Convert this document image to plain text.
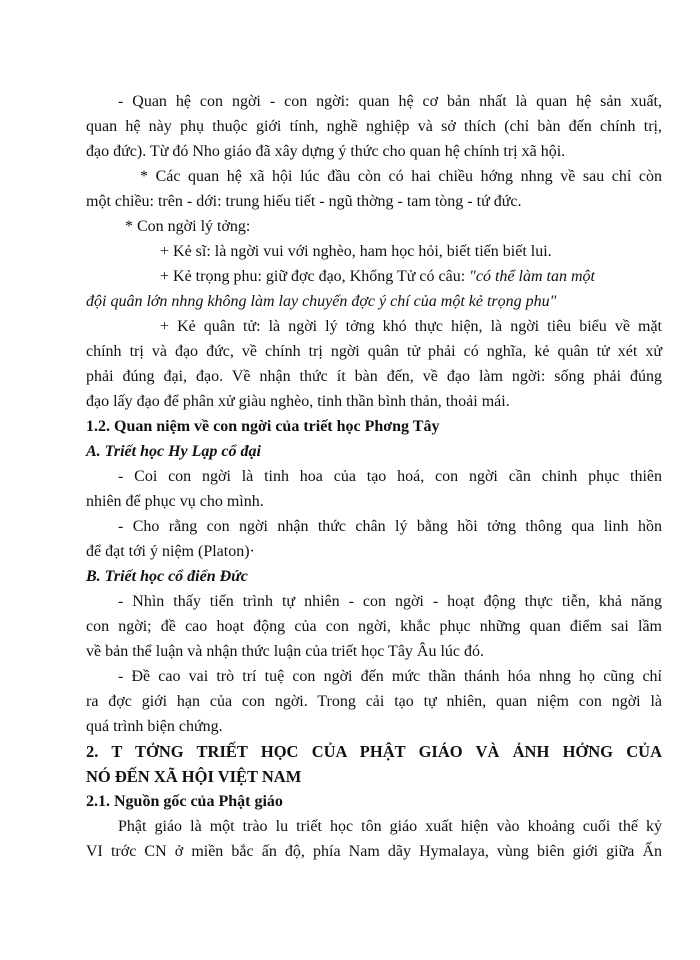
- Quan hệ con ngời - con ngời: quan hệ cơ bản nhất là quan hệ sản xuất,
quan hệ này phụ thuộc giới tính, nghề nghiệp và sở thích (chỉ bàn đến chính trị,
đạo đức). Từ đó Nho giáo đã xây dựng ý thức cho quan hệ chính trị xã hội.
* Các quan hệ xã hội lúc đầu còn có hai chiều hớng nhng về sau chỉ còn
một chiều: trên - dới: trung hiếu tiết - ngũ thờng - tam tòng - tứ đức.
* Con ngời lý tởng:
+ Kẻ sĩ: là ngời vui với nghèo, ham học hỏi, biết tiến biết lui.
+ Kẻ trọng phu: giữ đợc đạo, Khổng Tử có câu: "có thể làm tan một
đội quân lớn nhng không làm lay chuyển đợc ý chí của một kẻ trọng phu"
+ Kẻ quân tử: là ngời lý tởng khó thực hiện, là ngời tiêu biểu về mặt
chính trị và đạo đức, về chính trị ngời quân tử phải có nghĩa, kẻ quân tử xét xử
phải đúng đại, đạo. Về nhận thức ít bàn đến, về đạo làm ngời: sống phải đúng
đạo lấy đạo để phân xử giàu nghèo, tinh thần bình thản, thoải mái.
1.2. Quan niệm về con ngời của triết học Phơng Tây
A. Triết học Hy Lạp cổ đại
- Coi con ngời là tinh hoa của tạo hoá, con ngời cần chinh phục thiên
nhiên để phục vụ cho mình.
- Cho rằng con ngời nhận thức chân lý bằng hồi tởng thông qua linh hồn
để đạt tới ý niệm (Platon)·
B. Triết học cổ điển Đức
- Nhìn thấy tiến trình tự nhiên - con ngời - hoạt động thực tiễn, khả năng
con ngời; đề cao hoạt động của con ngời, khắc phục những quan điểm sai lầm
về bản thể luận và nhận thức luận của triết học Tây Âu lúc đó.
- Đề cao vai trò trí tuệ con ngời đến mức thần thánh hóa nhng họ cũng chỉ
ra đợc giới hạn của con ngời. Trong cải tạo tự nhiên, quan niệm con ngời là
quá trình biện chứng.
2. T TỞNG TRIẾT HỌC CỦA PHẬT GIÁO VÀ ẢNH HỞNG CỦA
NÓ ĐẾN XÃ HỘI VIỆT NAM
2.1. Nguồn gốc của Phật giáo
Phật giáo là một trào lu triết học tôn giáo xuất hiện vào khoảng cuối thế kỷ
VI trớc CN ở miền bắc ấn độ, phía Nam dãy Hymalaya, vùng biên giới giữa Ấn
